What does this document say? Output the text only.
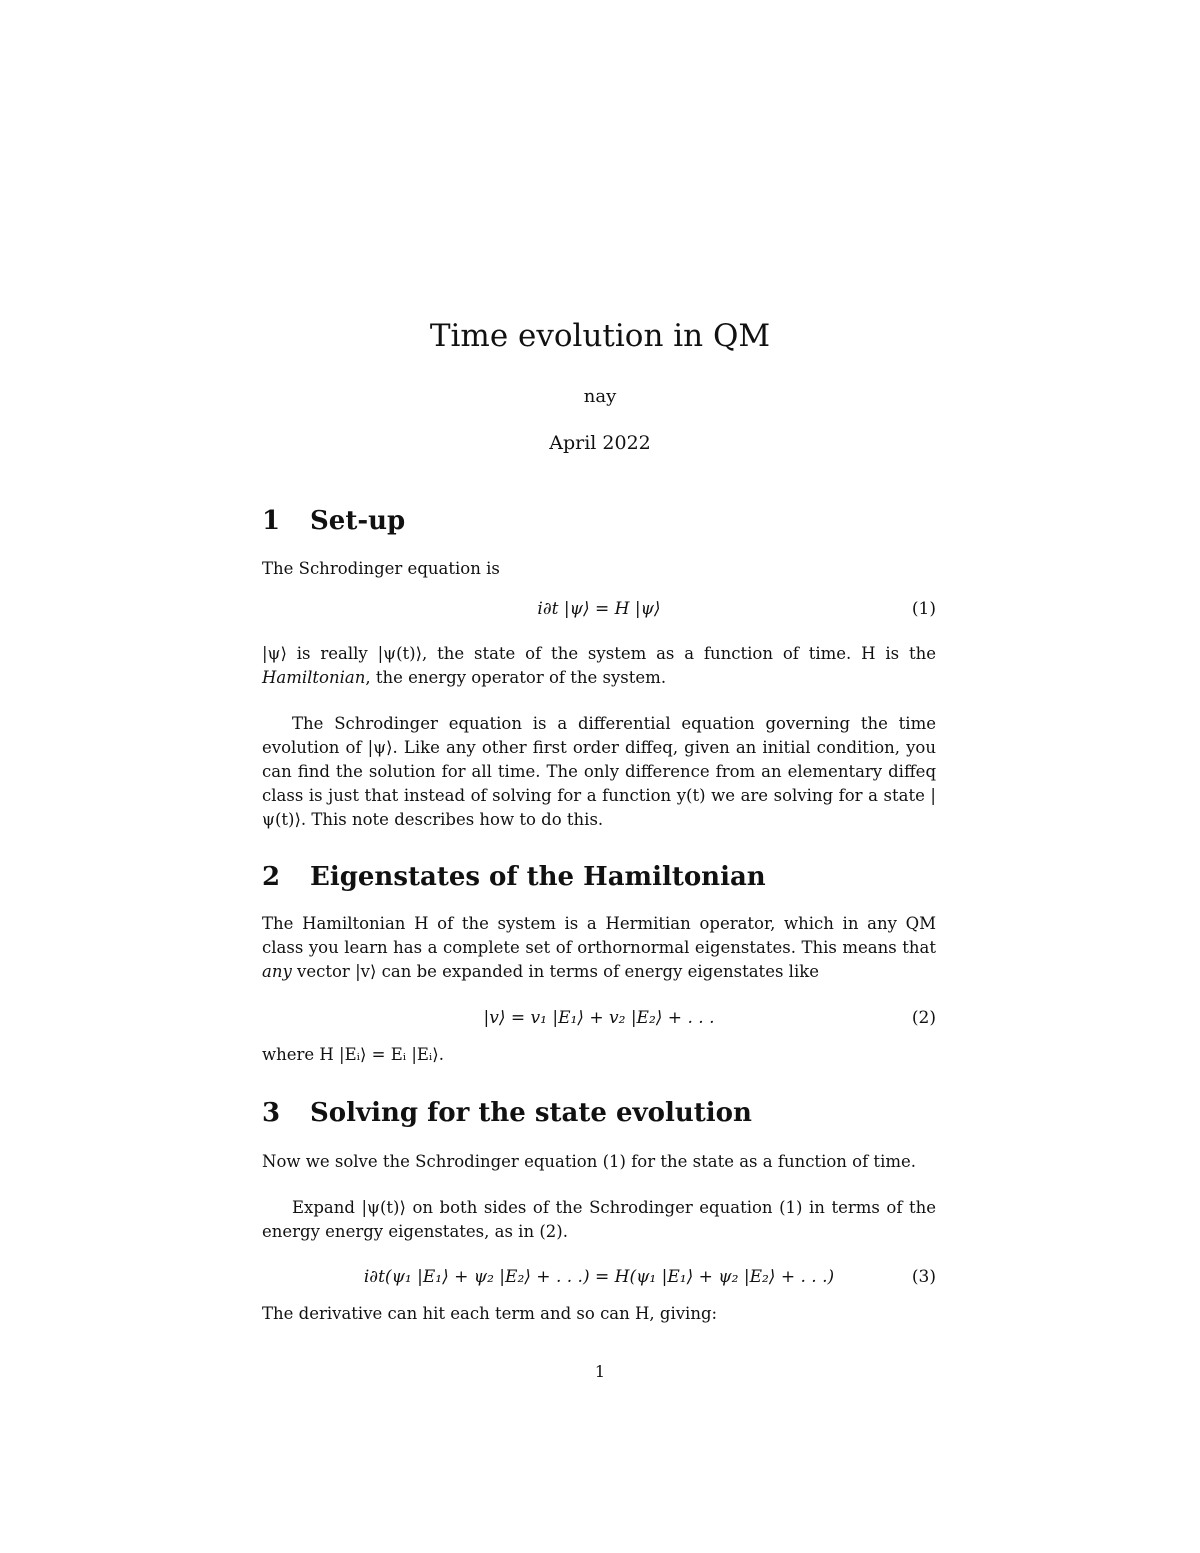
Time evolution in QM
nay
April 2022
1 Set-up
The Schrodinger equation is
i∂t |ψ⟩ = H |ψ⟩	(1)
|ψ⟩ is really |ψ(t)⟩, the state of the system as a function of time. H is the Hamiltonian, the energy operator of the system.
The Schrodinger equation is a differential equation governing the time evolution of |ψ⟩. Like any other first order diffeq, given an initial condition, you can find the solution for all time. The only difference from an elementary diffeq class is just that instead of solving for a function y(t) we are solving for a state |ψ(t)⟩. This note describes how to do this.
2 Eigenstates of the Hamiltonian
The Hamiltonian H of the system is a Hermitian operator, which in any QM class you learn has a complete set of orthornormal eigenstates. This means that any vector |v⟩ can be expanded in terms of energy eigenstates like
|v⟩ = v₁ |E₁⟩ + v₂ |E₂⟩ + . . .	(2)
where H |Eᵢ⟩ = Eᵢ |Eᵢ⟩.
3 Solving for the state evolution
Now we solve the Schrodinger equation (1) for the state as a function of time.
Expand |ψ(t)⟩ on both sides of the Schrodinger equation (1) in terms of the energy energy eigenstates, as in (2).
i∂t(ψ₁ |E₁⟩ + ψ₂ |E₂⟩ + . . .) = H(ψ₁ |E₁⟩ + ψ₂ |E₂⟩ + . . .)	(3)
The derivative can hit each term and so can H, giving:
1
